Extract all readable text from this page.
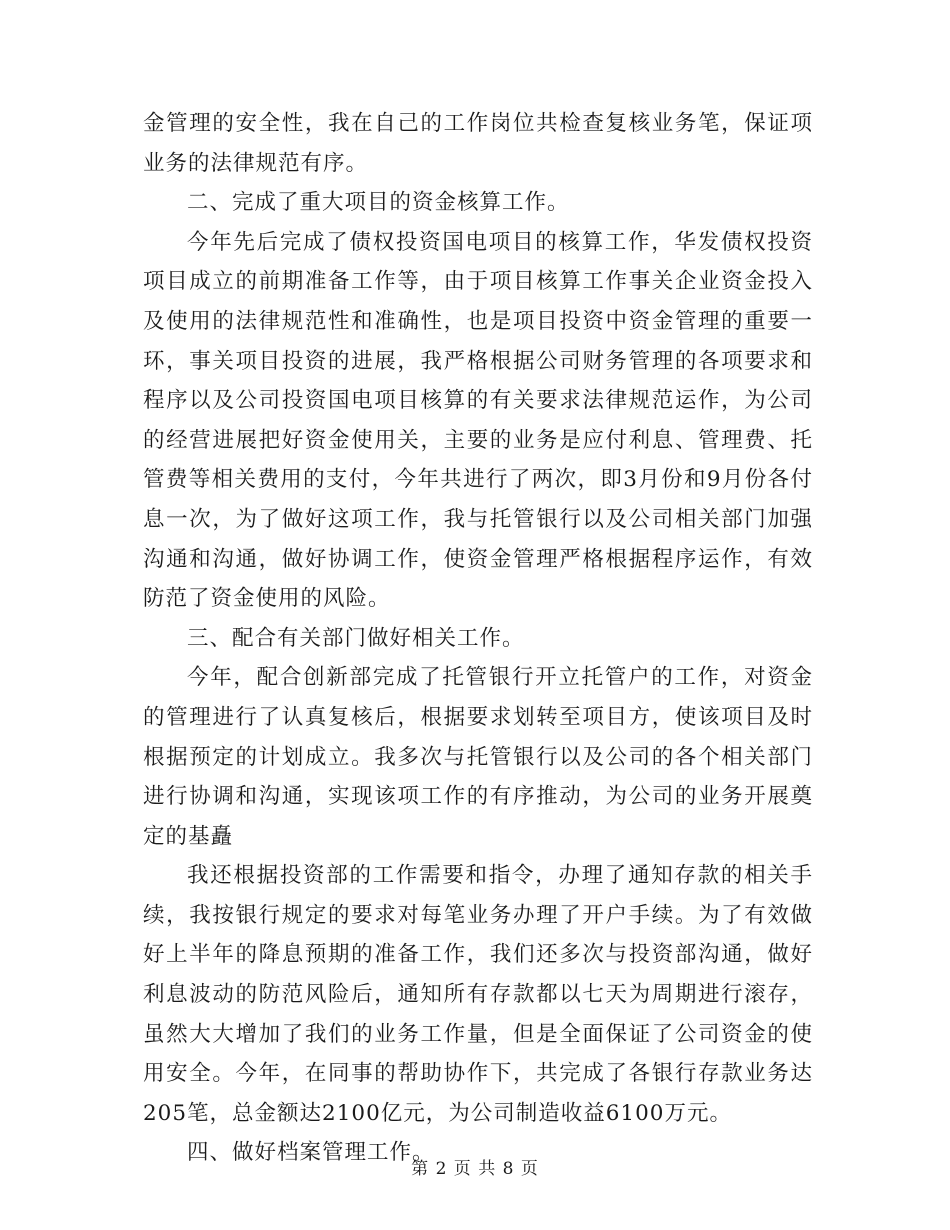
金管理的安全性，我在自己的工作岗位共检查复核业务笔，保证项业务的法律规范有序。

二、完成了重大项目的资金核算工作。

今年先后完成了债权投资国电项目的核算工作，华发债权投资项目成立的前期准备工作等，由于项目核算工作事关企业资金投入及使用的法律规范性和准确性，也是项目投资中资金管理的重要一环，事关项目投资的进展，我严格根据公司财务管理的各项要求和程序以及公司投资国电项目核算的有关要求法律规范运作，为公司的经营进展把好资金使用关，主要的业务是应付利息、管理费、托管费等相关费用的支付，今年共进行了两次，即3月份和9月份各付息一次，为了做好这项工作，我与托管银行以及公司相关部门加强沟通和沟通，做好协调工作，使资金管理严格根据程序运作，有效防范了资金使用的风险。

三、配合有关部门做好相关工作。

今年，配合创新部完成了托管银行开立托管户的工作，对资金的管理进行了认真复核后，根据要求划转至项目方，使该项目及时根据预定的计划成立。我多次与托管银行以及公司的各个相关部门进行协调和沟通，实现该项工作的有序推动，为公司的业务开展奠定的基矗

我还根据投资部的工作需要和指令，办理了通知存款的相关手续，我按银行规定的要求对每笔业务办理了开户手续。为了有效做好上半年的降息预期的准备工作，我们还多次与投资部沟通，做好利息波动的防范风险后，通知所有存款都以七天为周期进行滚存，虽然大大增加了我们的业务工作量，但是全面保证了公司资金的使用安全。今年，在同事的帮助协作下，共完成了各银行存款业务达205笔，总金额达2100亿元，为公司制造收益6100万元。

四、做好档案管理工作。

第 2 页 共 8 页
